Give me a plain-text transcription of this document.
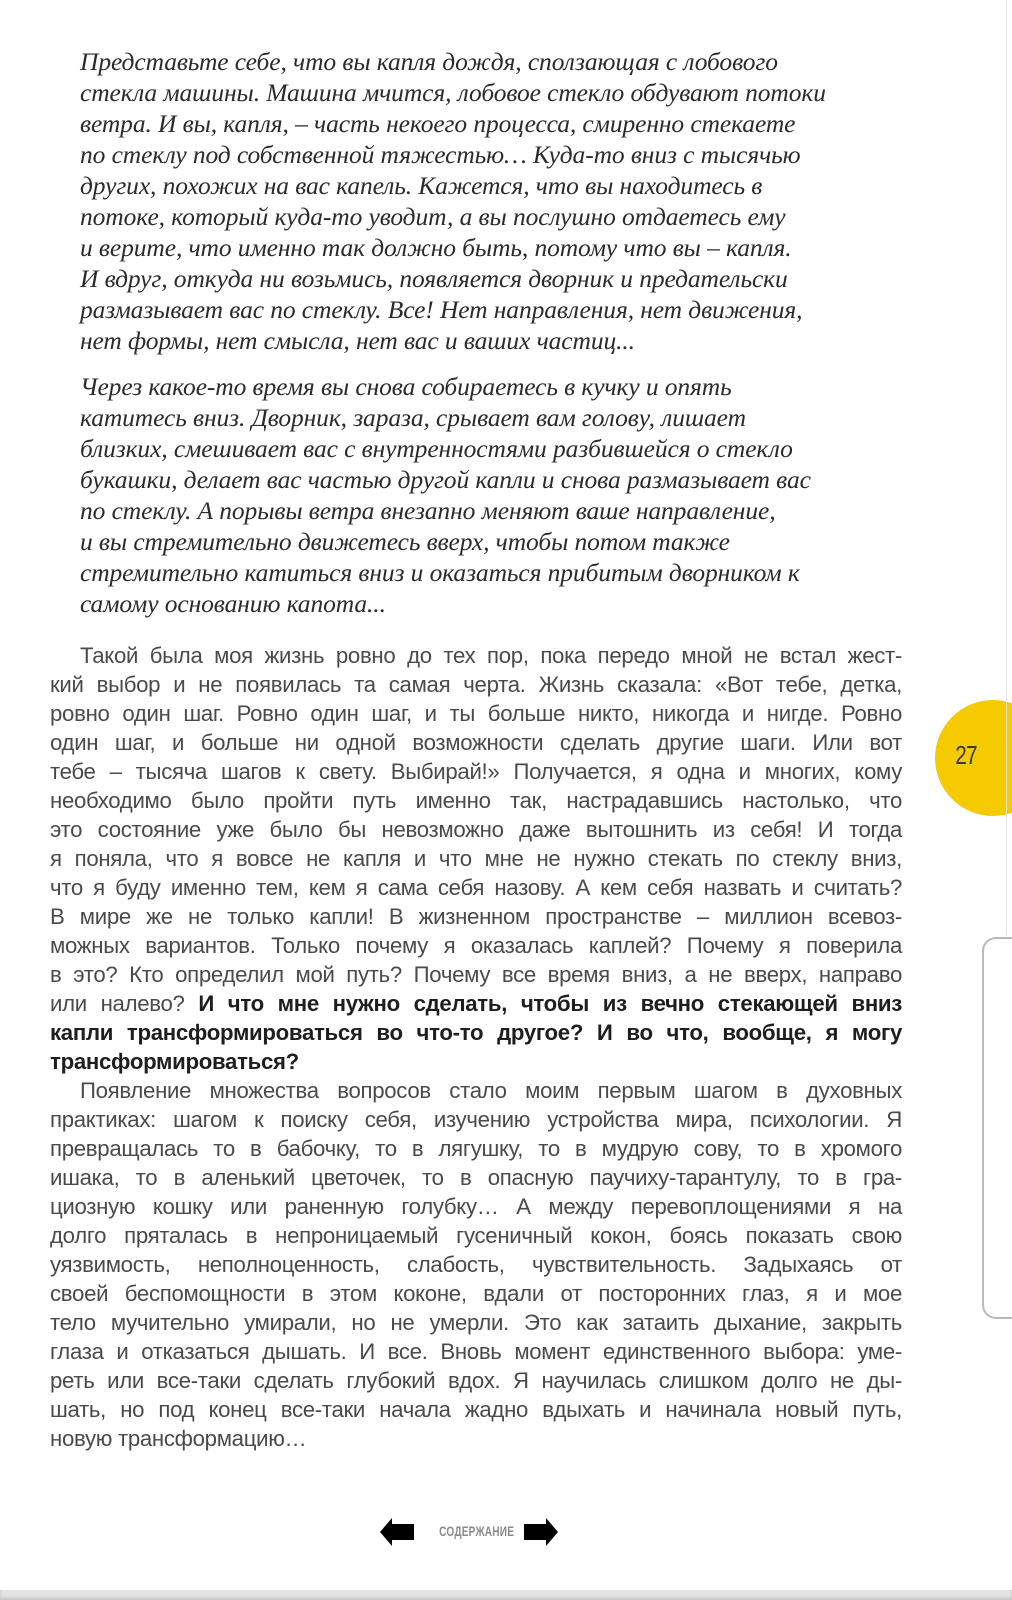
Представьте себе, что вы капля дождя, сползающая с лобового
стекла машины. Машина мчится, лобовое стекло обдувают потоки
ветра. И вы, капля, – часть некоего процесса, смиренно стекаете
по стеклу под собственной тяжестью… Куда-то вниз с тысячью
других, похожих на вас капель. Кажется, что вы находитесь в
потоке, который куда-то уводит, а вы послушно отдаетесь ему
и верите, что именно так должно быть, потому что вы – капля.
И вдруг, откуда ни возьмись, появляется дворник и предательски
размазывает вас по стеклу. Все! Нет направления, нет движения,
нет формы, нет смысла, нет вас и ваших частиц...
Через какое-то время вы снова собираетесь в кучку и опять
катитесь вниз. Дворник, зараза, срывает вам голову, лишает
близких, смешивает вас с внутренностями разбившейся о стекло
букашки, делает вас частью другой капли и снова размазывает вас
по стеклу. А порывы ветра внезапно меняют ваше направление,
и вы стремительно движетесь вверх, чтобы потом также
стремительно катиться вниз и оказаться прибитым дворником к
самому основанию капота...
Такой была моя жизнь ровно до тех пор, пока передо мной не встал жест-
кий выбор и не появилась та самая черта. Жизнь сказала: «Вот тебе, детка,
ровно один шаг. Ровно один шаг, и ты больше никто, никогда и нигде. Ровно
один шаг, и больше ни одной возможности сделать другие шаги. Или вот
тебе – тысяча шагов к свету. Выбирай!» Получается, я одна и многих, кому
необходимо было пройти путь именно так, настрадавшись настолько, что
это состояние уже было бы невозможно даже вытошнить из себя! И тогда
я поняла, что я вовсе не капля и что мне не нужно стекать по стеклу вниз,
что я буду именно тем, кем я сама себя назову. А кем себя назвать и считать?
В мире же не только капли! В жизненном пространстве – миллион всевоз-
можных вариантов. Только почему я оказалась каплей? Почему я поверила
в это? Кто определил мой путь? Почему все время вниз, а не вверх, направо
или налево? И что мне нужно сделать, чтобы из вечно стекающей вниз
капли трансформироваться во что-то другое? И во что, вообще, я могу
трансформироваться?
Появление множества вопросов стало моим первым шагом в духовных
практиках: шагом к поиску себя, изучению устройства мира, психологии. Я
превращалась то в бабочку, то в лягушку, то в мудрую сову, то в хромого
ишака, то в аленький цветочек, то в опасную паучиху-тарантулу, то в гра-
циозную кошку или раненную голубку… А между перевоплощениями я на
долго пряталась в непроницаемый гусеничный кокон, боясь показать свою
уязвимость, неполноценность, слабость, чувствительность. Задыхаясь от
своей беспомощности в этом коконе, вдали от посторонних глаз, я и мое
тело мучительно умирали, но не умерли. Это как затаить дыхание, закрыть
глаза и отказаться дышать. И все. Вновь момент единственного выбора: уме-
реть или все-таки сделать глубокий вдох. Я научилась слишком долго не ды-
шать, но под конец все-таки начала жадно вдыхать и начинала новый путь,
новую трансформацию…
27
СОДЕРЖАНИЕ
